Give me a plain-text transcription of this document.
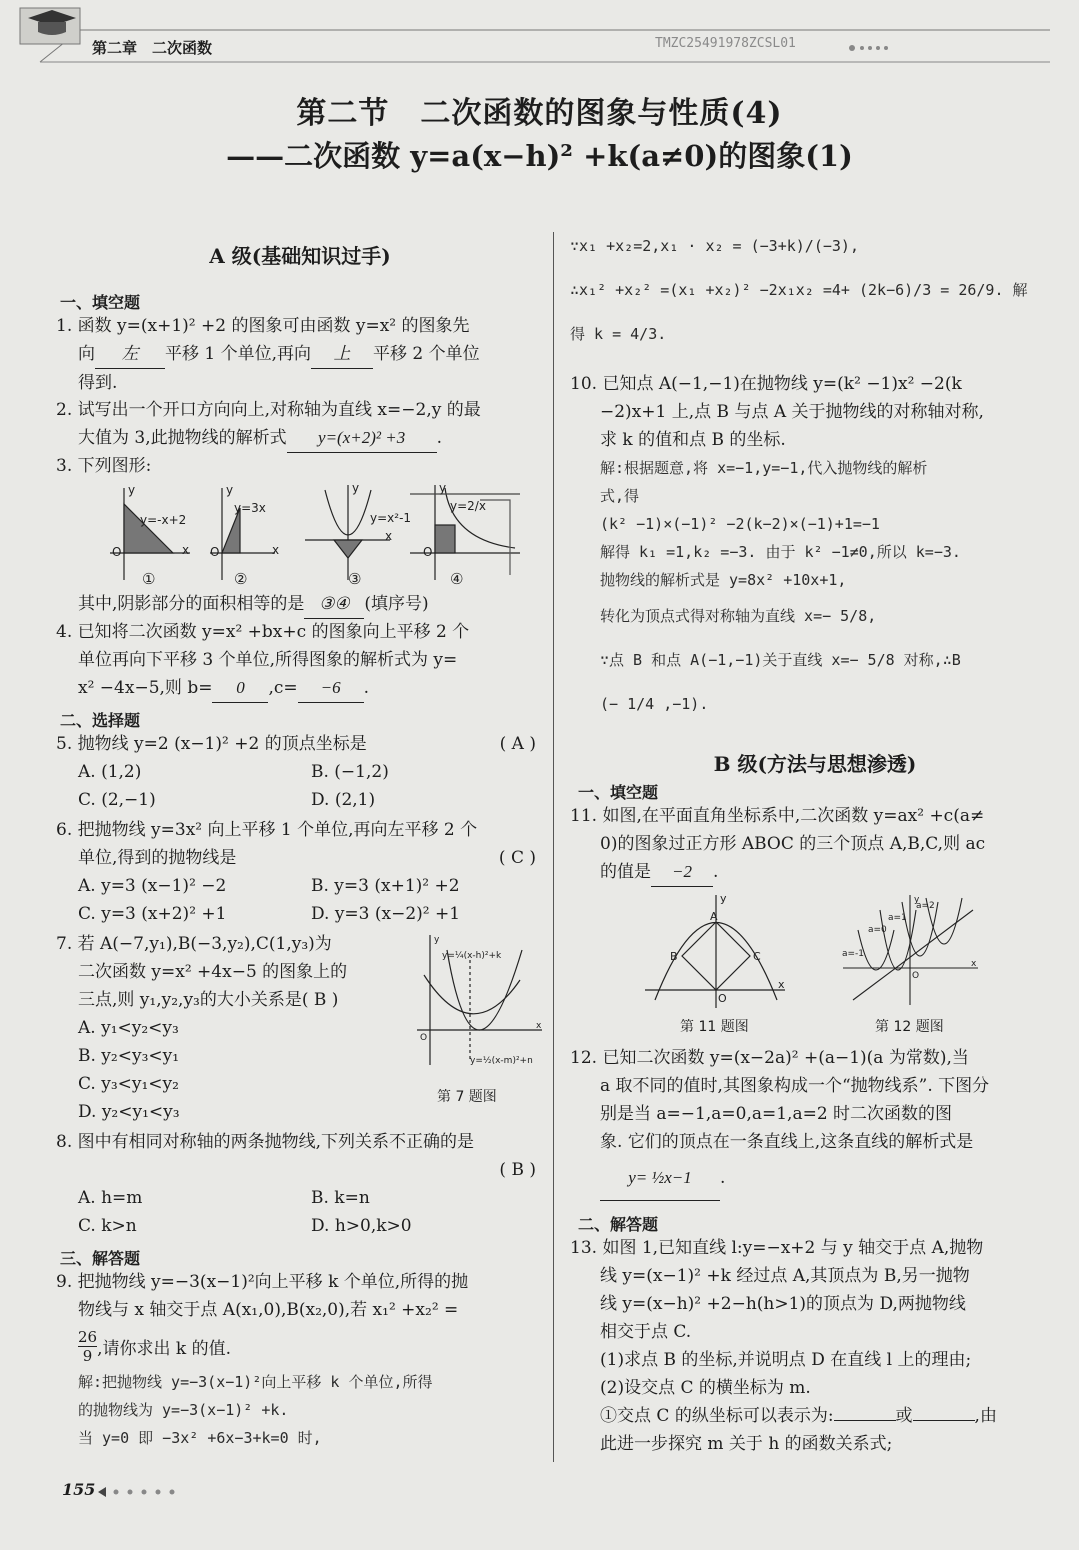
第二章　二次函数	TMZC25491978ZCSL01
第二节　二次函数的图象与性质(4)
——二次函数 y=a(x−h)² +k(a≠0)的图象(1)
A 级(基础知识过手)
一、填空题
1. 函数 y=(x+1)² +2 的图象可由函数 y=x² 的图象先
向 左 平移 1 个单位,再向 上 平移 2 个单位
得到.
2. 试写出一个开口方向向上,对称轴为直线 x=−2,y 的最
大值为 3,此抛物线的解析式 y=(x+2)² +3 .
3. 下列图形:
y
x
O
y=-x+2
y
x
O
y=3x
y
x
y=x²-1
y
O
y=2/x
①	②	③	④
其中,阴影部分的面积相等的是 ③④ (填序号)
4. 已知将二次函数 y=x² +bx+c 的图象向上平移 2 个
单位再向下平移 3 个单位,所得图象的解析式为 y=
x² −4x−5,则 b= 0 ,c= −6 .
二、选择题
5. 抛物线 y=2 (x−1)² +2 的顶点坐标是	( A )
A. (1,2)	B. (−1,2)
C. (2,−1)	D. (2,1)
6. 把抛物线 y=3x² 向上平移 1 个单位,再向左平移 2 个
单位,得到的抛物线是	( C )
A. y=3 (x−1)² −2	B. y=3 (x+1)² +2
C. y=3 (x+2)² +1	D. y=3 (x−2)² +1
7. 若 A(−7,y₁),B(−3,y₂),C(1,y₃)为
二次函数 y=x² +4x−5 的图象上的
三点,则 y₁,y₂,y₃的大小关系是( B )
A. y₁<y₂<y₃
B. y₂<y₃<y₁
C. y₃<y₁<y₂
D. y₂<y₁<y₃
y
x
O
y=¼(x-h)²+k
y=½(x-m)²+n
第 7 题图
8. 图中有相同对称轴的两条抛物线,下列关系不正确的是
( B )
A. h=m	B. k=n
C. k>n	D. h>0,k>0
三、解答题
9. 把抛物线 y=−3(x−1)²向上平移 k 个单位,所得的抛
物线与 x 轴交于点 A(x₁,0),B(x₂,0),若 x₁² +x₂² =
26
9 ,请你求出 k 的值.
解:把抛物线 y=−3(x−1)²向上平移 k 个单位,所得
的抛物线为 y=−3(x−1)² +k.
当 y=0 即 −3x² +6x−3+k=0 时,
∵x₁ +x₂=2,x₁ · x₂ = (−3+k)/(−3),
∴x₁² +x₂² =(x₁ +x₂)² −2x₁x₂ =4+ (2k−6)/3 = 26/9. 解
得 k = 4/3.
10. 已知点 A(−1,−1)在抛物线 y=(k² −1)x² −2(k
−2)x+1 上,点 B 与点 A 关于抛物线的对称轴对称,
求 k 的值和点 B 的坐标.
解:根据题意,将 x=−1,y=−1,代入抛物线的解析
式,得
(k² −1)×(−1)² −2(k−2)×(−1)+1=−1
解得 k₁ =1,k₂ =−3. 由于 k² −1≠0,所以 k=−3.
抛物线的解析式是 y=8x² +10x+1,
转化为顶点式得对称轴为直线 x=− 5/8,
∵点 B 和点 A(−1,−1)关于直线 x=− 5/8 对称,∴B
(− 1/4 ,−1).
B 级(方法与思想渗透)
一、填空题
11. 如图,在平面直角坐标系中,二次函数 y=ax² +c(a≠
0)的图象过正方形 ABOC 的三个顶点 A,B,C,则 ac
的值是 −2 .
y
x
A
B	C
O
第 11 题图
y
x
O
a=-1
a=0
a=1
a=2
第 12 题图
12. 已知二次函数 y=(x−2a)² +(a−1)(a 为常数),当
a 取不同的值时,其图象构成一个“抛物线系”. 下图分
别是当 a=−1,a=0,a=1,a=2 时二次函数的图
象. 它们的顶点在一条直线上,这条直线的解析式是
y= ½x−1 .
二、解答题
13. 如图 1,已知直线 l:y=−x+2 与 y 轴交于点 A,抛物
线 y=(x−1)² +k 经过点 A,其顶点为 B,另一抛物
线 y=(x−h)² +2−h(h>1)的顶点为 D,两抛物线
相交于点 C.
(1)求点 B 的坐标,并说明点 D 在直线 l 上的理由;
(2)设交点 C 的横坐标为 m.
①交点 C 的纵坐标可以表示为:	或	,由
此进一步探究 m 关于 h 的函数关系式;
155
